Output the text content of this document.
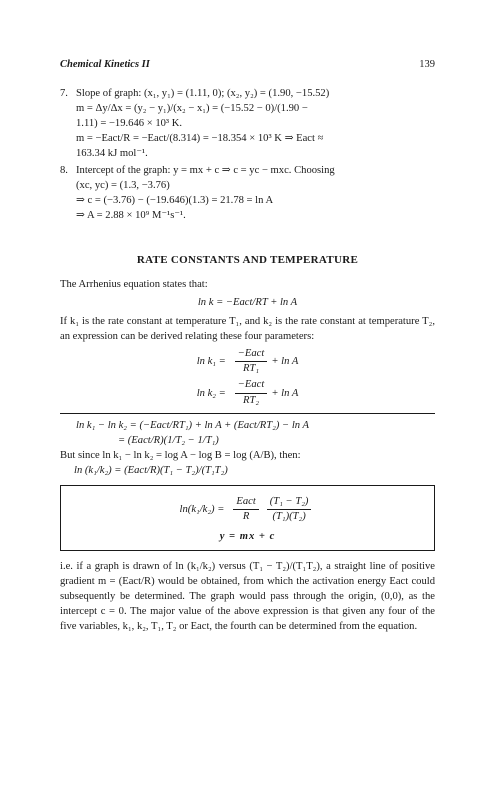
Chemical Kinetics II	139
7. Slope of graph: (x₁, y₁) = (1.11, 0); (x₂, y₂) = (1.90, −15.52)

m = Δy/Δx = (y₂ − y₁)/(x₂ − x₁) = (−15.52 − 0)/(1.90 −

1.11) = −19.646 × 10³ K.

m = −Eact/R = −Eact/(8.314) = −18.354 × 10³ K ⇒ Eact ≈

163.34 kJ mol⁻¹.

8. Intercept of the graph: y = mx + c ⇒ c = yc − mxc. Choosing

(xc, yc) = (1.3, −3.76)

⇒ c = (−3.76) − (−19.646)(1.3) = 21.78 = ln A

⇒ A = 2.88 × 10⁹ M⁻¹s⁻¹.

RATE CONSTANTS AND TEMPERATURE

The Arrhenius equation states that:

ln k = −Eact/RT + ln A

If k₁ is the rate constant at temperature T₁, and k₂ is the rate constant at temperature T₂, an expression can be derived relating these four parameters:

$\ln k_1 = \frac{\text{−Eact}}{\text{RT₁}} + \ln A$
$\ln k_2 = \frac{\text{−Eact}}{\text{RT₂}} + \ln A$

ln k₁ − ln k₂ = (−Eact/RT₁) + ln A + (Eact/RT₂) − ln A

= (Eact/R)(1/T₂ − 1/T₁)

But since ln k₁ − ln k₂ = log A − log B = log (A/B), then:

ln (k₁/k₂) = (Eact/R)(T₁ − T₂)/(T₁T₂)

$\ln(k_1/k_2) = \frac{\text{Eact}}{R} \frac{\text{(T₁ − T₂)}}{\text{(T₁)(T₂)}}$
y = mx + c

i.e. if a graph is drawn of ln (k₁/k₂) versus (T₁ − T₂)/(T₁T₂), a straight line of positive gradient m = (Eact/R) would be obtained, from which the activation energy Eact could subsequently be determined. The graph would pass through the origin, (0,0), as the intercept c = 0. The major value of the above expression is that given any four of the five variables, k₁, k₂, T₁, T₂ or Eact, the fourth can be determined from the equation.
